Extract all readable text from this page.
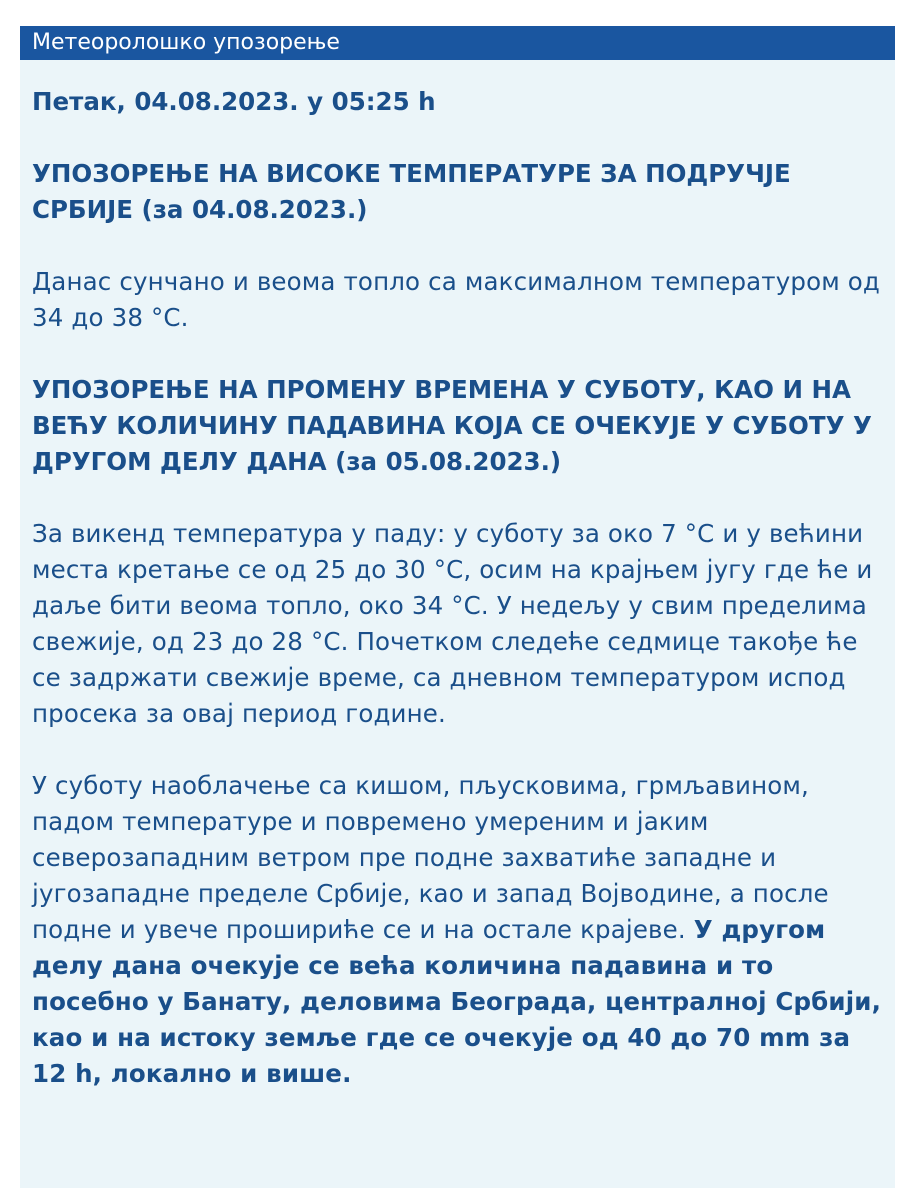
Метеоролошко упозорење

Петак, 04.08.2023. у 05:25 h

УПОЗОРЕЊЕ НА ВИСОКЕ ТЕМПЕРАТУРЕ ЗА ПОДРУЧЈЕ СРБИЈЕ (за 04.08.2023.)

Данас сунчано и веома топло са максималном температуром од 34 до 38 °C.

УПОЗОРЕЊЕ НА ПРОМЕНУ ВРЕМЕНА У СУБОТУ, КАО И НА ВЕЋУ КОЛИЧИНУ ПАДАВИНА КОЈА СЕ ОЧЕКУЈЕ У СУБОТУ У ДРУГОМ ДЕЛУ ДАНА (за 05.08.2023.)

За викенд температура у паду: у суботу за око 7 °C и у већини места кретање се од 25 до 30 °C, осим на крајњем југу где ће и даље бити веома топло, око 34 °C. У недељу у свим пределима свежије, од 23 до 28 °C. Почетком следеће седмице такође ће се задржати свежије време, са дневном температуром испод просека за овај период године.

У суботу наоблачење са кишом, пљусковима, грмљавином, падом температуре и повремено умереним и јаким северозападним ветром пре подне захватиће западне и југозападне пределе Србије, као и запад Војводине, а после подне и увече прошириће се и на остале крајеве. У другом делу дана очекује се већа количина падавина и то посебно у Банату, деловима Београда, централној Србији, као и на истоку земље где се очекује од 40 до 70 mm за 12 h, локално и више.
